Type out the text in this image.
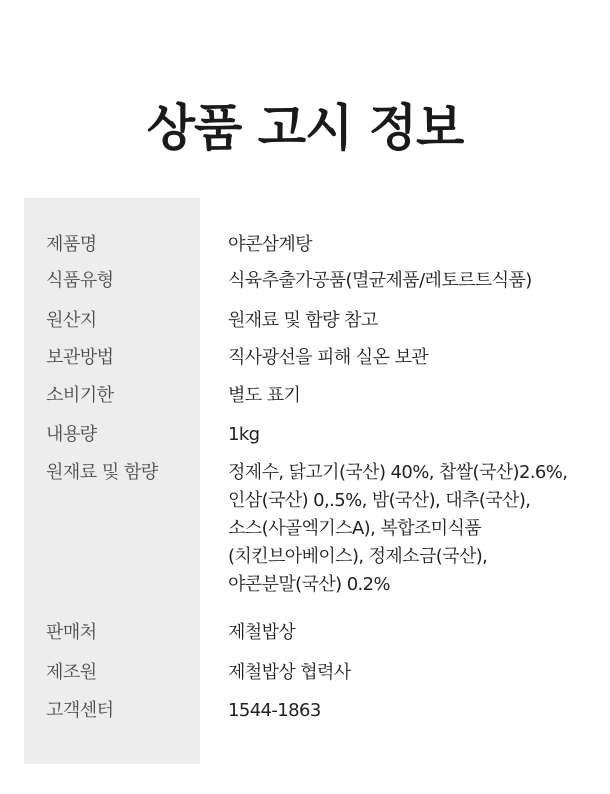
상품 고시 정보
제품명	야콘삼계탕
식품유형	식육추출가공품(멸균제품/레토르트식품)
원산지	원재료 및 함량 참고
보관방법	직사광선을 피해 실온 보관
소비기한	별도 표기
내용량	1kg
원재료 및 함량	정제수, 닭고기(국산) 40%, 찹쌀(국산)2.6%,
인삼(국산) 0,.5%, 밤(국산), 대추(국산),
소스(사골엑기스A), 복합조미식품
(치킨브아베이스), 정제소금(국산),
야콘분말(국산) 0.2%
판매처	제철밥상
제조원	제철밥상 협력사
고객센터	1544-1863
